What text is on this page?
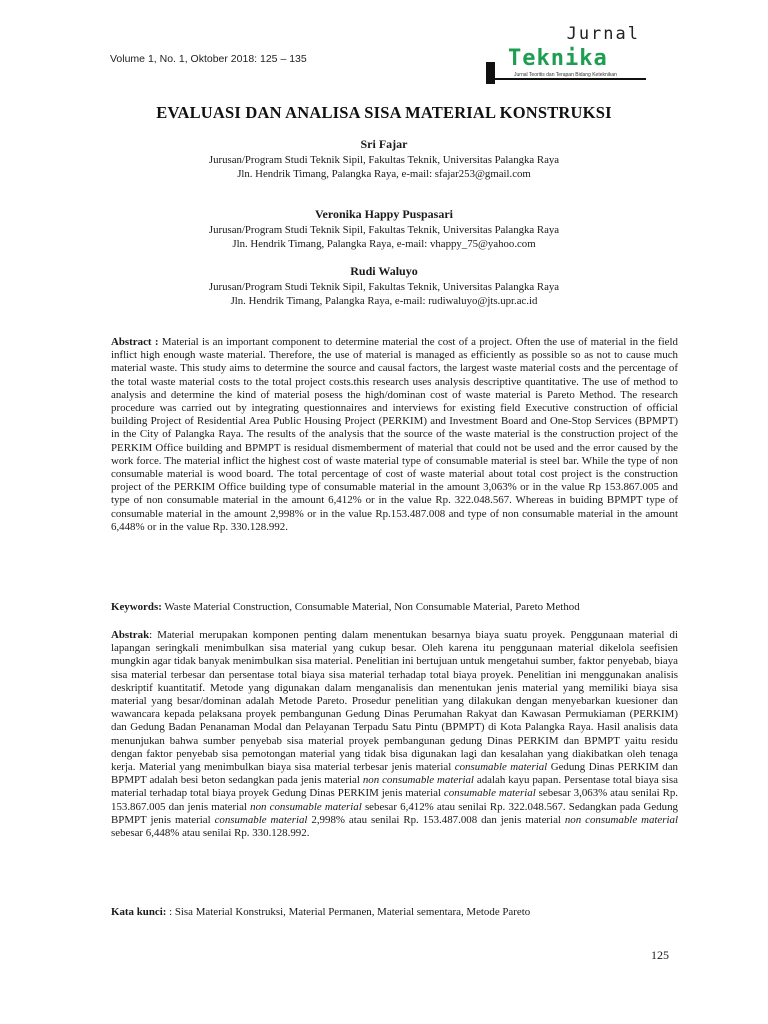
Volume 1, No. 1, Oktober 2018: 125 – 135
Jurnal
Teknika
Jurnal Teoritis dan Terapan Bidang Keteknikan
EVALUASI DAN ANALISA SISA MATERIAL KONSTRUKSI
Sri Fajar
Jurusan/Program Studi Teknik Sipil, Fakultas Teknik, Universitas Palangka Raya
Jln. Hendrik Timang, Palangka Raya, e-mail: sfajar253@gmail.com
Veronika Happy Puspasari
Jurusan/Program Studi Teknik Sipil, Fakultas Teknik, Universitas Palangka Raya
Jln. Hendrik Timang, Palangka Raya, e-mail: vhappy_75@yahoo.com
Rudi Waluyo
Jurusan/Program Studi Teknik Sipil, Fakultas Teknik, Universitas Palangka Raya
Jln. Hendrik Timang, Palangka Raya, e-mail: rudiwaluyo@jts.upr.ac.id

Abstract : Material is an important component to determine material the cost of a project. Often the use of material in the field inflict high enough waste material. Therefore, the use of material is managed as efficiently as possible so as not to cause much material waste. This study aims to determine the source and causal factors, the largest waste material costs and the percentage of the total waste material costs to the total project costs.this research uses analysis descriptive quantitative. The use of method to analysis and determine the kind of material posess the high/dominan cost of waste material is Pareto Method. The research procedure was carried out by integrating questionnaires and interviews for existing field Executive construction of official building Project of Residential Area Public Housing Project (PERKIM) and Investment Board and One-Stop Services (BPMPT) in the City of Palangka Raya. The results of the analysis that the source of the waste material is the construction project of the PERKIM Office building and BPMPT is residual dismemberment of material that could not be used and the error caused by the work force. The material inflict the highest cost of waste material type of consumable material is steel bar. While the type of non consumable material is wood board. The total percentage of cost of waste material about total cost project is the construction project of the PERKIM Office building type of consumable material in the amount 3,063% or in the value Rp 153.867.005 and type of non consumable material in the amount 6,412% or in the value Rp. 322.048.567. Whereas in buiding BPMPT type of consumable material in the amount 2,998% or in the value Rp.153.487.008 and type of non consumable material in the amount 6,448% or in the value Rp. 330.128.992.

Keywords: Waste Material Construction, Consumable Material, Non Consumable Material, Pareto Method

Abstrak: Material merupakan komponen penting dalam menentukan besarnya biaya suatu proyek. Penggunaan material di lapangan seringkali menimbulkan sisa material yang cukup besar. Oleh karena itu penggunaan material dikelola seefisien mungkin agar tidak banyak menimbulkan sisa material. Penelitian ini bertujuan untuk mengetahui sumber, faktor penyebab, biaya sisa material terbesar dan persentase total biaya sisa material terhadap total biaya proyek. Penelitian ini menggunakan analisis deskriptif kuantitatif. Metode yang digunakan dalam menganalisis dan menentukan jenis material yang memiliki biaya sisa material yang besar/dominan adalah Metode Pareto. Prosedur penelitian yang dilakukan dengan menyebarkan kuesioner dan wawancara kepada pelaksana proyek pembangunan Gedung Dinas Perumahan Rakyat dan Kawasan Permukiaman (PERKIM) dan Gedung Badan Penanaman Modal dan Pelayanan Terpadu Satu Pintu (BPMPT) di Kota Palangka Raya. Hasil analisis data menunjukan bahwa sumber penyebab sisa material proyek pembangunan gedung Dinas PERKIM dan BPMPT yaitu residu dengan faktor penyebab sisa pemotongan material yang tidak bisa digunakan lagi dan kesalahan yang diakibatkan oleh tenaga kerja. Material yang menimbulkan biaya sisa material terbesar jenis material consumable material Gedung Dinas PERKIM dan BPMPT adalah besi beton sedangkan pada jenis material non consumable material adalah kayu papan. Persentase total biaya sisa material terhadap total biaya proyek Gedung Dinas PERKIM jenis material consumable material sebesar 3,063% atau senilai Rp. 153.867.005 dan jenis material non consumable material sebesar 6,412% atau senilai Rp. 322.048.567. Sedangkan pada Gedung BPMPT jenis material consumable material 2,998% atau senilai Rp. 153.487.008 dan jenis material non consumable material sebesar 6,448% atau senilai Rp. 330.128.992.

Kata kunci: : Sisa Material Konstruksi, Material Permanen, Material sementara, Metode Pareto
125
